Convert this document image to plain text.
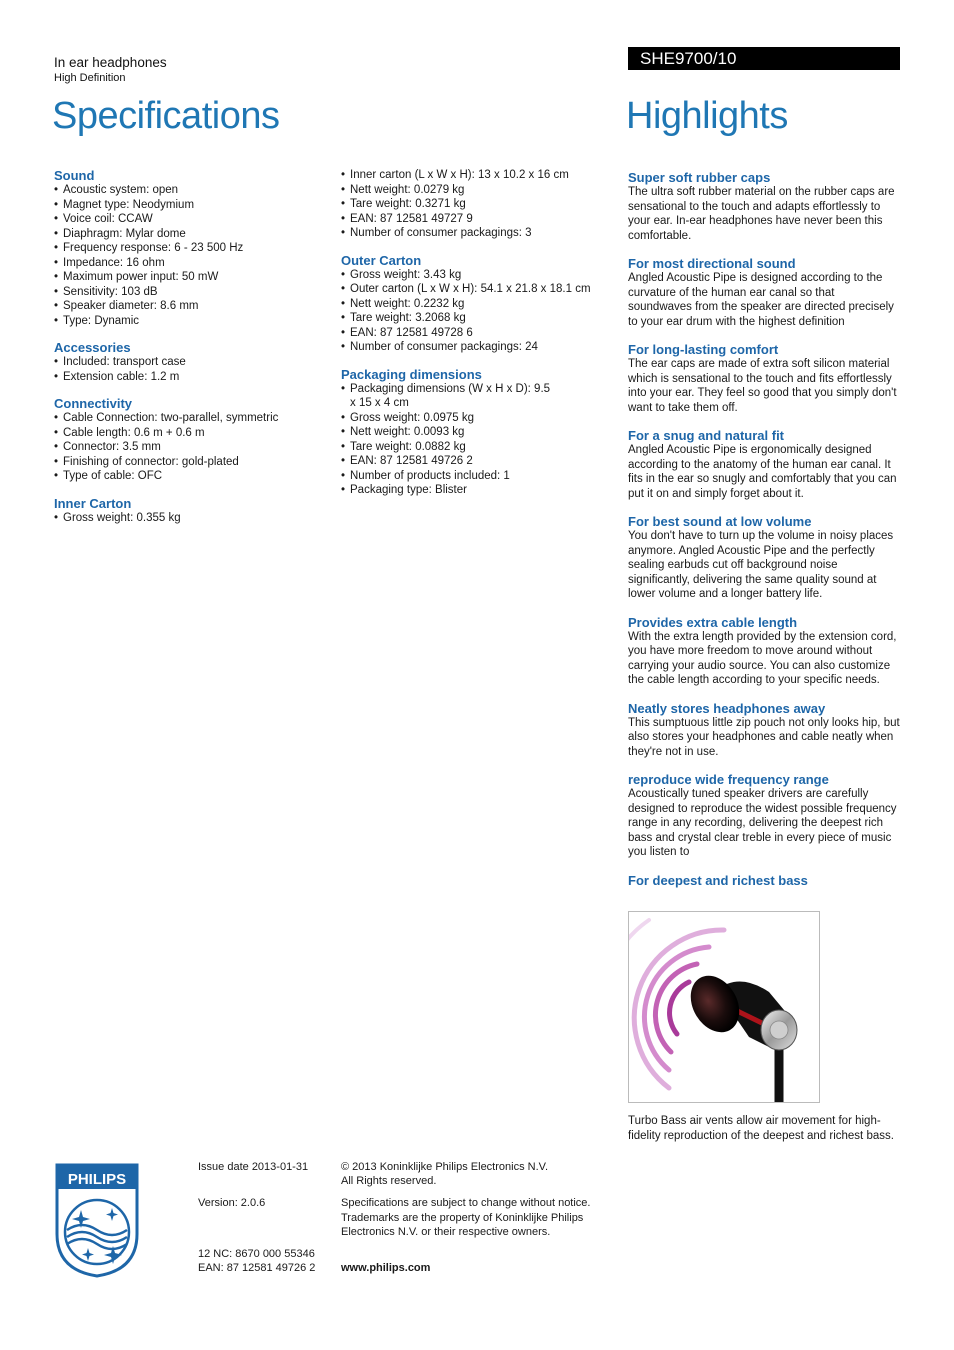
In ear headphones
High Definition
SHE9700/10
Specifications	Highlights
Sound
• Acoustic system: open
• Magnet type: Neodymium
• Voice coil: CCAW
• Diaphragm: Mylar dome
• Frequency response: 6 - 23 500 Hz
• Impedance: 16 ohm
• Maximum power input: 50 mW
• Sensitivity: 103 dB
• Speaker diameter: 8.6 mm
• Type: Dynamic
Accessories
• Included: transport case
• Extension cable: 1.2 m
Connectivity
• Cable Connection: two-parallel, symmetric
• Cable length: 0.6 m + 0.6 m
• Connector: 3.5 mm
• Finishing of connector: gold-plated
• Type of cable: OFC
Inner Carton
• Gross weight: 0.355 kg
• Inner carton (L x W x H): 13 x 10.2 x 16 cm
• Nett weight: 0.0279 kg
• Tare weight: 0.3271 kg
• EAN: 87 12581 49727 9
• Number of consumer packagings: 3
Outer Carton
• Gross weight: 3.43 kg
• Outer carton (L x W x H): 54.1 x 21.8 x 18.1 cm
• Nett weight: 0.2232 kg
• Tare weight: 3.2068 kg
• EAN: 87 12581 49728 6
• Number of consumer packagings: 24
Packaging dimensions
• Packaging dimensions (W x H x D): 9.5 x 15 x 4 cm
• Gross weight: 0.0975 kg
• Nett weight: 0.0093 kg
• Tare weight: 0.0882 kg
• EAN: 87 12581 49726 2
• Number of products included: 1
• Packaging type: Blister
Super soft rubber caps
The ultra soft rubber material on the rubber caps are sensational to the touch and adapts effortlessly to your ear. In-ear headphones have never been this comfortable.
For most directional sound
Angled Acoustic Pipe is designed according to the curvature of the human ear canal so that soundwaves from the speaker are directed precisely to your ear drum with the highest definition
For long-lasting comfort
The ear caps are made of extra soft silicon material which is sensational to the touch and fits effortlessly into your ear. They feel so good that you simply don't want to take them off.
For a snug and natural fit
Angled Acoustic Pipe is ergonomically designed according to the anatomy of the human ear canal. It fits in the ear so snugly and comfortably that you can put it on and simply forget about it.
For best sound at low volume
You don't have to turn up the volume in noisy places anymore. Angled Acoustic Pipe and the perfectly sealing earbuds cut off background noise significantly, delivering the same quality sound at lower volume and a longer battery life.
Provides extra cable length
With the extra length provided by the extension cord, you have more freedom to move around without carrying your audio source. You can also customize the cable length according to your specific needs.
Neatly stores headphones away
This sumptuous little zip pouch not only looks hip, but also stores your headphones and cable neatly when they're not in use.
reproduce wide frequency range
Acoustically tuned speaker drivers are carefully designed to reproduce the widest possible frequency range in any recording, delivering the deepest rich bass and crystal clear treble in every piece of music you listen to
For deepest and richest bass
Turbo Bass air vents allow air movement for high-fidelity reproduction of the deepest and richest bass.
PHILIPS
Issue date 2013-01-31
Version: 2.0.6
12 NC: 8670 000 55346
EAN: 87 12581 49726 2
© 2013 Koninklijke Philips Electronics N.V.
All Rights reserved.
Specifications are subject to change without notice. Trademarks are the property of Koninklijke Philips Electronics N.V. or their respective owners.
www.philips.com
